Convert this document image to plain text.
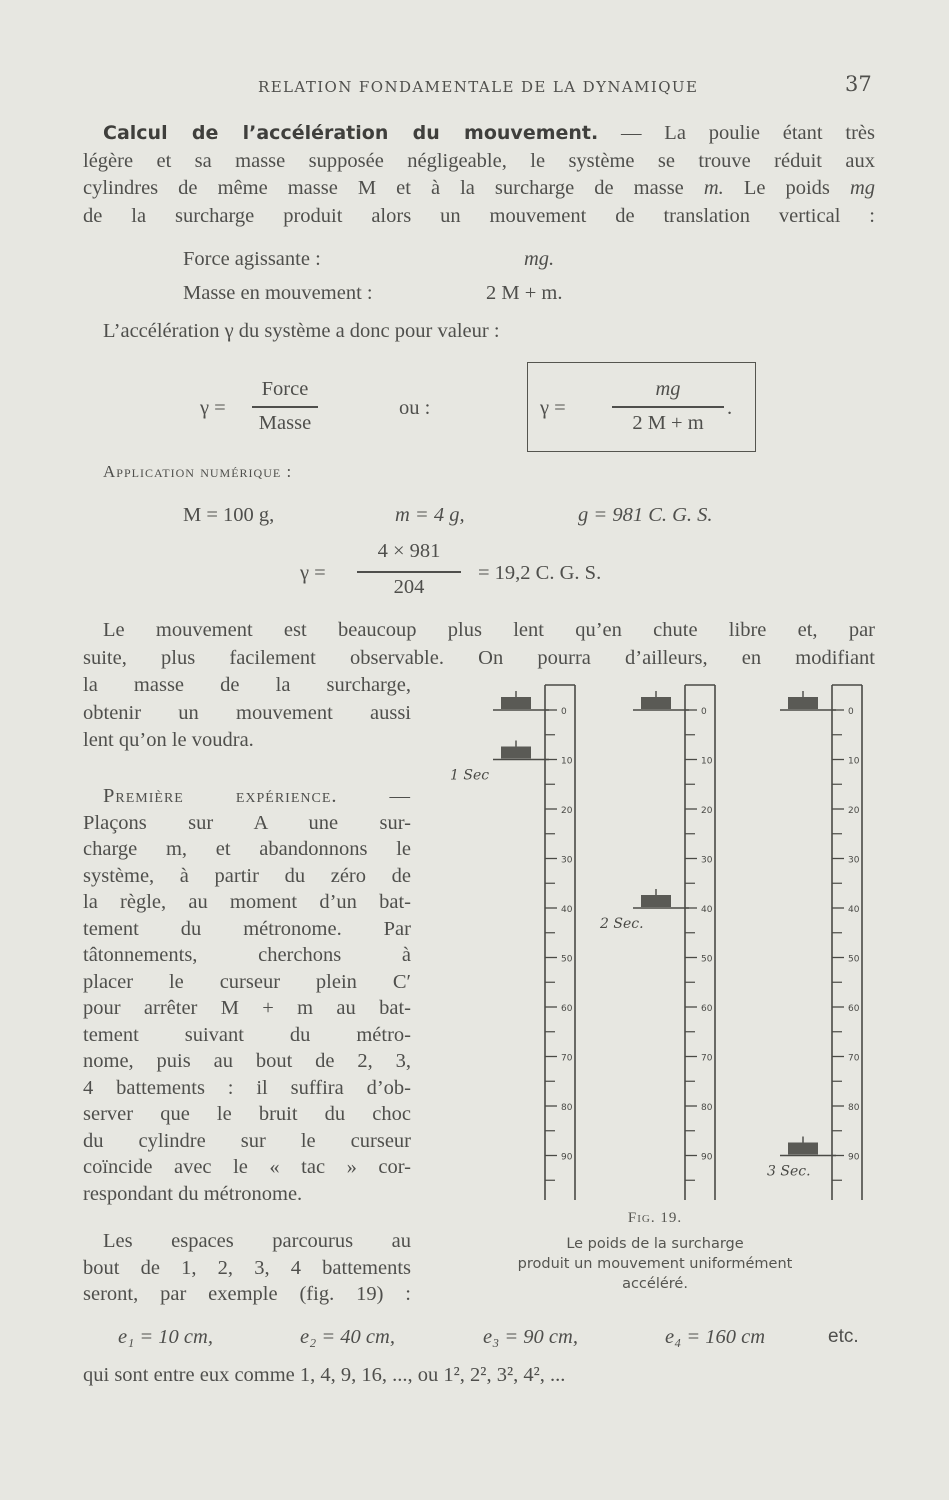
RELATION FONDAMENTALE DE LA DYNAMIQUE	37
Calcul de l’accélération du mouvement. — La poulie étant très
légère et sa masse supposée négligeable, le système se trouve réduit aux
cylindres de même masse M et à la surcharge de masse m. Le poids mg
de la surcharge produit alors un mouvement de translation vertical :
Force agissante :	mg.
Masse en mouvement :	2 M + m.
L’accélération γ du système a donc pour valeur :
γ =
Force
Masse
ou :	γ =
mg
2 M + m
.
Application numérique :
M = 100 g,	m = 4 g,	g = 981 C. G. S.
γ =
4 × 981
204
= 19,2 C. G. S.
Le mouvement est beaucoup plus lent qu’en chute libre et, par
suite, plus facilement observable. On pourra d’ailleurs, en modifiant
la masse de la surcharge,
obtenir un mouvement aussi
lent qu’on le voudra.
Première expérience. —
Plaçons sur A une sur-
charge m, et abandonnons le
système, à partir du zéro de
la règle, au moment d’un bat-
tement du métronome. Par
tâtonnements, cherchons à
placer le curseur plein C′
pour arrêter M + m au bat-
tement suivant du métro-
nome, puis au bout de 2, 3,
4 battements : il suffira d’ob-
server que le bruit du choc
du cylindre sur le curseur
coïncide avec le « tac » cor-
respondant du métronome.
Les espaces parcourus au
bout de 1, 2, 3, 4 battements
seront, par exemple (fig. 19) :
0
10
20
30
40
50
60
70
80
90
1 Sec
0
10
20
30
40
50
60
70
80
90
2 Sec.
0
10
20
30
40
50
60
70
80
90
3 Sec.
Fig. 19.
Le poids de la surcharge
produit un mouvement uniformément
accéléré.
e₁ = 10 cm,	e₂ = 40 cm,	e₃ = 90 cm,	e₄ = 160 cm	etc.
qui sont entre eux comme 1, 4, 9, 16, ..., ou 1², 2², 3², 4², ...
